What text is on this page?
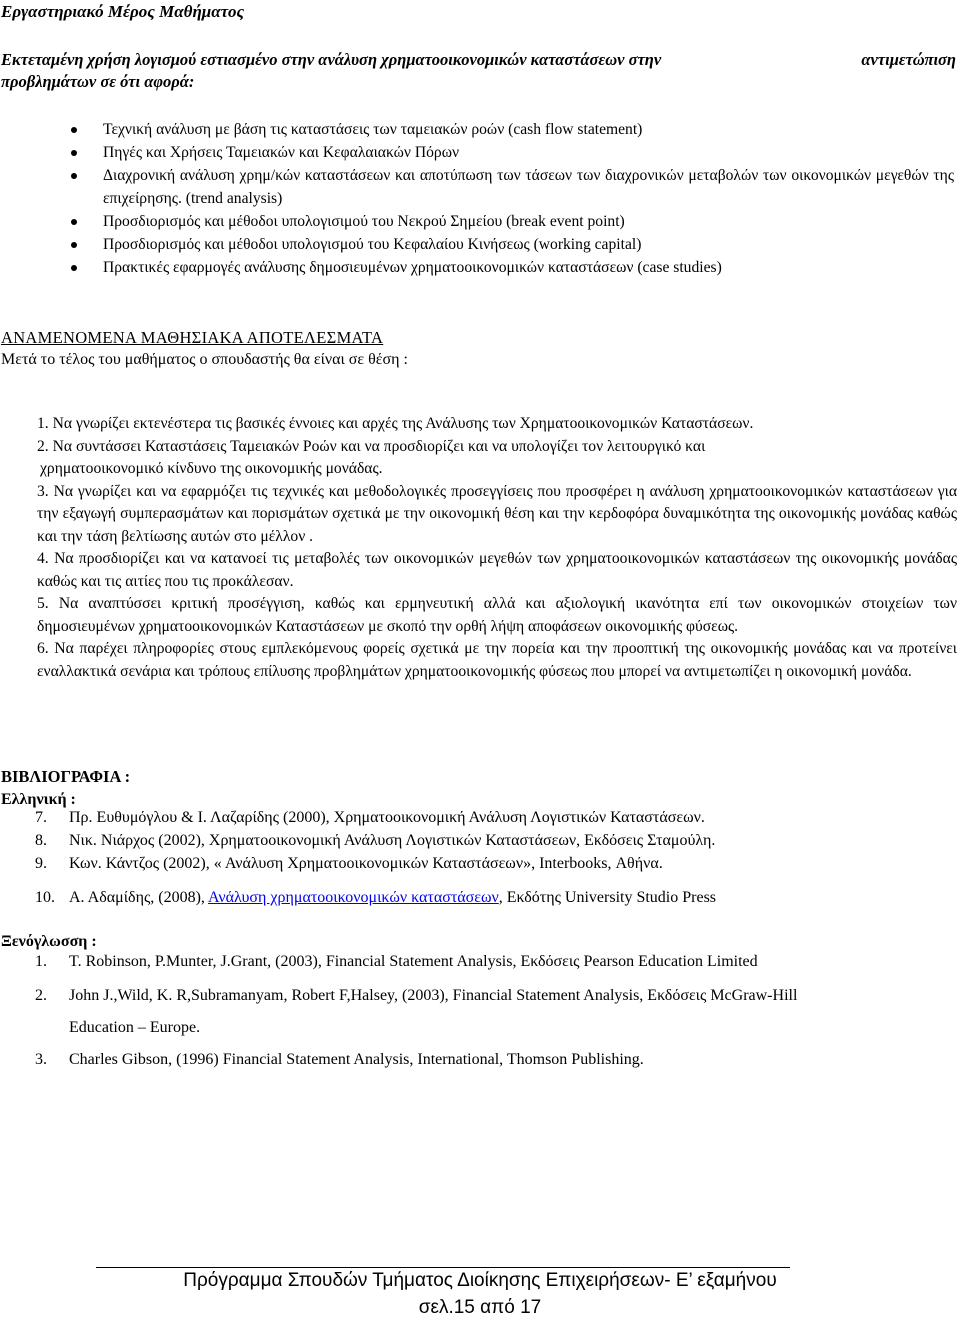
Εργαστηριακό Μέρος Μαθήματος
Εκτεταμένη χρήση λογισμού εστιασμένο στην ανάλυση χρηματοοικονομικών καταστάσεων στην	αντιμετώπιση
προβλημάτων σε ότι αφορά:
Τεχνική ανάλυση με βάση τις καταστάσεις των ταμειακών ροών (cash flow statement)
Πηγές και Χρήσεις Ταμειακών και Κεφαλαιακών Πόρων
Διαχρονική ανάλυση χρημ/κών καταστάσεων και αποτύπωση των τάσεων των διαχρονικών μεταβολών των οικονομικών μεγεθών της επιχείρησης. (trend analysis)
Προσδιορισμός και μέθοδοι υπολογισιμού του Νεκρού Σημείου (break event point)
Προσδιορισμός και μέθοδοι υπολογισμού του Κεφαλαίου Κινήσεως (working capital)
Πρακτικές εφαρμογές ανάλυσης δημοσιευμένων χρηματοοικονομικών καταστάσεων (case studies)
ΑΝΑΜΕΝΟΜΕΝΑ ΜΑΘΗΣΙΑΚΑ ΑΠΟΤΕΛΕΣΜΑΤΑ
Μετά το τέλος του μαθήματος ο σπουδαστής θα είναι σε θέση :
1. Να γνωρίζει εκτενέστερα τις βασικές έννοιες και αρχές της Ανάλυσης των Χρηματοοικονομικών Καταστάσεων.
2. Να συντάσσει Καταστάσεις Ταμειακών Ροών και να προσδιορίζει και να υπολογίζει τον λειτουργικό και
χρηματοοικονομικό κίνδυνο της οικονομικής μονάδας.
3. Να γνωρίζει και να εφαρμόζει τις τεχνικές και μεθοδολογικές προσεγγίσεις που προσφέρει η ανάλυση χρηματοοικονομικών καταστάσεων για την εξαγωγή συμπερασμάτων και πορισμάτων σχετικά με την οικονομική θέση και την κερδοφόρα δυναμικότητα της οικονομικής μονάδας καθώς και την τάση βελτίωσης αυτών στο μέλλον .
4. Να προσδιορίζει και να κατανοεί τις μεταβολές των οικονομικών μεγεθών των χρηματοοικονομικών καταστάσεων της οικονομικής μονάδας καθώς και τις αιτίες που τις προκάλεσαν.
5. Να αναπτύσσει κριτική προσέγγιση, καθώς και ερμηνευτική αλλά και αξιολογική ικανότητα επί των οικονομικών στοιχείων των δημοσιευμένων χρηματοοικονομικών Καταστάσεων με σκοπό την ορθή λήψη αποφάσεων οικονομικής φύσεως.
6. Να παρέχει πληροφορίες στους εμπλεκόμενους φορείς σχετικά με την πορεία και την προοπτική της οικονομικής μονάδας και να προτείνει εναλλακτικά σενάρια και τρόπους επίλυσης προβλημάτων χρηματοοικονομικής φύσεως που μπορεί να αντιμετωπίζει η οικονομική μονάδα.
ΒΙΒΛΙΟΓΡΑΦΙΑ :
Ελληνική :
7. Πρ. Ευθυμόγλου & Ι. Λαζαρίδης (2000), Χρηματοοικονομική Ανάλυση Λογιστικών Καταστάσεων.
8. Νικ. Νιάρχος (2002), Χρηματοοικονομική Ανάλυση Λογιστικών Καταστάσεων, Εκδόσεις Σταμούλη.
9. Κων. Κάντζος (2002), « Ανάλυση Χρηματοοικονομικών Καταστάσεων», Interbooks, Αθήνα.
10. Α. Αδαμίδης, (2008), Ανάλυση χρηματοοικονομικών καταστάσεων, Εκδότης University Studio Press
Ξενόγλωσση :
1. T. Robinson, P.Munter, J.Grant, (2003), Financial Statement Analysis, Εκδόσεις Pearson Education Limited
2. John J.,Wild, K. R,Subramanyam, Robert F,Halsey, (2003), Financial Statement Analysis, Εκδόσεις McGraw-Hill
Education – Europe.
3. Charles Gibson, (1996) Financial Statement Analysis, International, Thomson Publishing.
Πρόγραμμα Σπουδών Τμήματος Διοίκησης Επιχειρήσεων- Ε’ εξαμήνου
σελ.15 από 17
